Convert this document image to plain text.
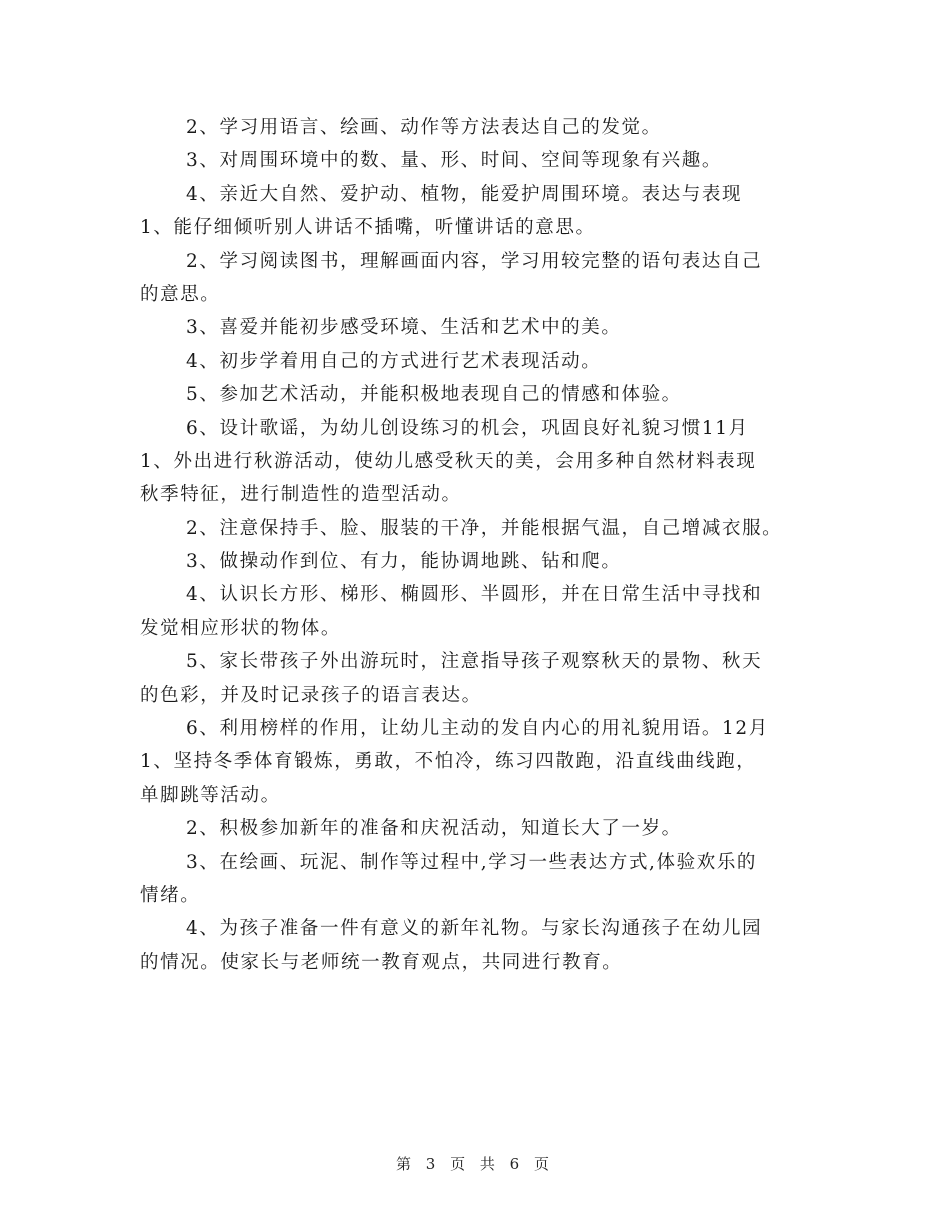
2、学习用语言、绘画、动作等方法表达自己的发觉。
3、对周围环境中的数、量、形、时间、空间等现象有兴趣。
4、亲近大自然、爱护动、植物，能爱护周围环境。表达与表现
1、能仔细倾听别人讲话不插嘴，听懂讲话的意思。
2、学习阅读图书，理解画面内容，学习用较完整的语句表达自己
的意思。
3、喜爱并能初步感受环境、生活和艺术中的美。
4、初步学着用自己的方式进行艺术表现活动。
5、参加艺术活动，并能积极地表现自己的情感和体验。
6、设计歌谣，为幼儿创设练习的机会，巩固良好礼貌习惯11月
1、外出进行秋游活动，使幼儿感受秋天的美，会用多种自然材料表现
秋季特征，进行制造性的造型活动。
2、注意保持手、脸、服装的干净，并能根据气温，自己增减衣服。
3、做操动作到位、有力，能协调地跳、钻和爬。
4、认识长方形、梯形、椭圆形、半圆形，并在日常生活中寻找和
发觉相应形状的物体。
5、家长带孩子外出游玩时，注意指导孩子观察秋天的景物、秋天
的色彩，并及时记录孩子的语言表达。
6、利用榜样的作用，让幼儿主动的发自内心的用礼貌用语。12月
1、坚持冬季体育锻炼，勇敢，不怕冷，练习四散跑，沿直线曲线跑，
单脚跳等活动。
2、积极参加新年的准备和庆祝活动，知道长大了一岁。
3、在绘画、玩泥、制作等过程中,学习一些表达方式,体验欢乐的
情绪。
4、为孩子准备一件有意义的新年礼物。与家长沟通孩子在幼儿园
的情况。使家长与老师统一教育观点，共同进行教育。
第 3 页 共 6 页
